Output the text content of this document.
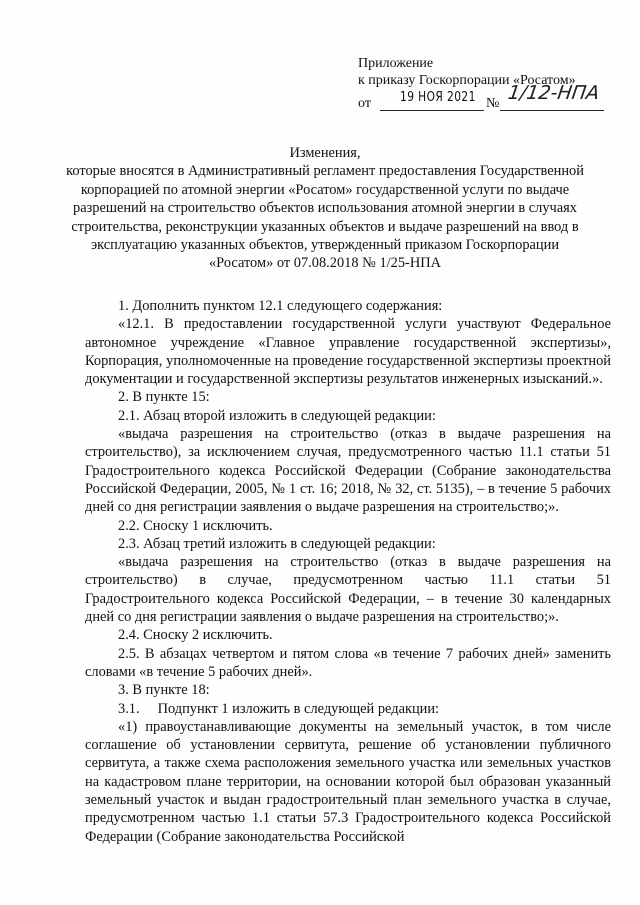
Приложение
к приказу Госкорпорации «Росатом»
от 19 НОЯ 2021 № 1/12-НПА
Изменения,
которые вносятся в Административный регламент предоставления Государственной корпорацией по атомной энергии «Росатом» государственной услуги по выдаче разрешений на строительство объектов использования атомной энергии в случаях строительства, реконструкции указанных объектов и выдаче разрешений на ввод в эксплуатацию указанных объектов, утвержденный приказом Госкорпорации «Росатом» от 07.08.2018 № 1/25-НПА

1. Дополнить пунктом 12.1 следующего содержания:

«12.1. В предоставлении государственной услуги участвуют Федеральное автономное учреждение «Главное управление государственной экспертизы», Корпорация, уполномоченные на проведение государственной экспертизы проектной документации и государственной экспертизы результатов инженерных изысканий.».

2. В пункте 15:

2.1. Абзац второй изложить в следующей редакции:

«выдача разрешения на строительство (отказ в выдаче разрешения на строительство), за исключением случая, предусмотренного частью 11.1 статьи 51 Градостроительного кодекса Российской Федерации (Собрание законодательства Российской Федерации, 2005, № 1 ст. 16; 2018, № 32, ст. 5135), – в течение 5 рабочих дней со дня регистрации заявления о выдаче разрешения на строительство;».

2.2. Сноску 1 исключить.

2.3. Абзац третий изложить в следующей редакции:

«выдача разрешения на строительство (отказ в выдаче разрешения на строительство) в случае, предусмотренном частью 11.1 статьи 51 Градостроительного кодекса Российской Федерации, – в течение 30 календарных дней со дня регистрации заявления о выдаче разрешения на строительство;».

2.4. Сноску 2 исключить.

2.5. В абзацах четвертом и пятом слова «в течение 7 рабочих дней» заменить словами «в течение 5 рабочих дней».

3. В пункте 18:

3.1. Подпункт 1 изложить в следующей редакции:

«1) правоустанавливающие документы на земельный участок, в том числе соглашение об установлении сервитута, решение об установлении публичного сервитута, а также схема расположения земельного участка или земельных участков на кадастровом плане территории, на основании которой был образован указанный земельный участок и выдан градостроительный план земельного участка в случае, предусмотренном частью 1.1 статьи 57.3 Градостроительного кодекса Российской Федерации (Собрание законодательства Российской
